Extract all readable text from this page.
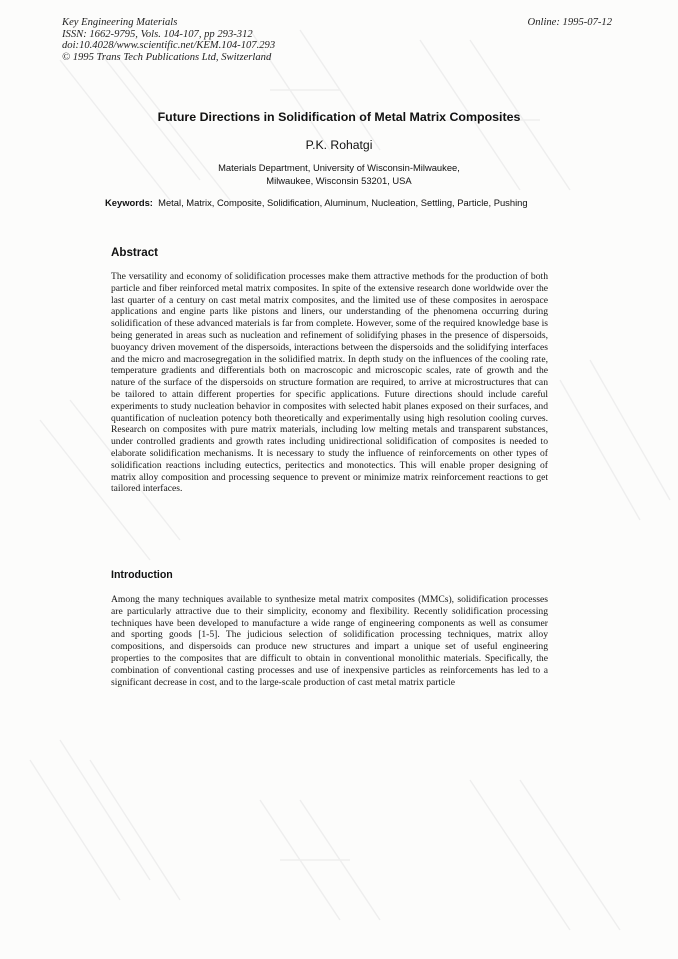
Key Engineering Materials
ISSN: 1662-9795, Vols. 104-107, pp 293-312
doi:10.4028/www.scientific.net/KEM.104-107.293
© 1995 Trans Tech Publications Ltd, Switzerland
Online: 1995-07-12
Future Directions in Solidification of Metal Matrix Composites
P.K. Rohatgi
Materials Department, University of Wisconsin-Milwaukee,
Milwaukee, Wisconsin 53201, USA
Keywords: Metal, Matrix, Composite, Solidification, Aluminum, Nucleation, Settling, Particle, Pushing
Abstract
The versatility and economy of solidification processes make them attractive methods for the production of both particle and fiber reinforced metal matrix composites. In spite of the extensive research done worldwide over the last quarter of a century on cast metal matrix composites, and the limited use of these composites in aerospace applications and engine parts like pistons and liners, our understanding of the phenomena occurring during solidification of these advanced materials is far from complete. However, some of the required knowledge base is being generated in areas such as nucleation and refinement of solidifying phases in the presence of dispersoids, buoyancy driven movement of the dispersoids, interactions between the dispersoids and the solidifying interfaces and the micro and macrosegregation in the solidified matrix. In depth study on the influences of the cooling rate, temperature gradients and differentials both on macroscopic and microscopic scales, rate of growth and the nature of the surface of the dispersoids on structure formation are required, to arrive at microstructures that can be tailored to attain different properties for specific applications. Future directions should include careful experiments to study nucleation behavior in composites with selected habit planes exposed on their surfaces, and quantification of nucleation potency both theoretically and experimentally using high resolution cooling curves. Research on composites with pure matrix materials, including low melting metals and transparent substances, under controlled gradients and growth rates including unidirectional solidification of composites is needed to elaborate solidification mechanisms. It is necessary to study the influence of reinforcements on other types of solidification reactions including eutectics, peritectics and monotectics. This will enable proper designing of matrix alloy composition and processing sequence to prevent or minimize matrix reinforcement reactions to get tailored interfaces.
Introduction
Among the many techniques available to synthesize metal matrix composites (MMCs), solidification processes are particularly attractive due to their simplicity, economy and flexibility. Recently solidification processing techniques have been developed to manufacture a wide range of engineering components as well as consumer and sporting goods [1-5]. The judicious selection of solidification processing techniques, matrix alloy compositions, and dispersoids can produce new structures and impart a unique set of useful engineering properties to the composites that are difficult to obtain in conventional monolithic materials. Specifically, the combination of conventional casting processes and use of inexpensive particles as reinforcements has led to a significant decrease in cost, and to the large-scale production of cast metal matrix particle
